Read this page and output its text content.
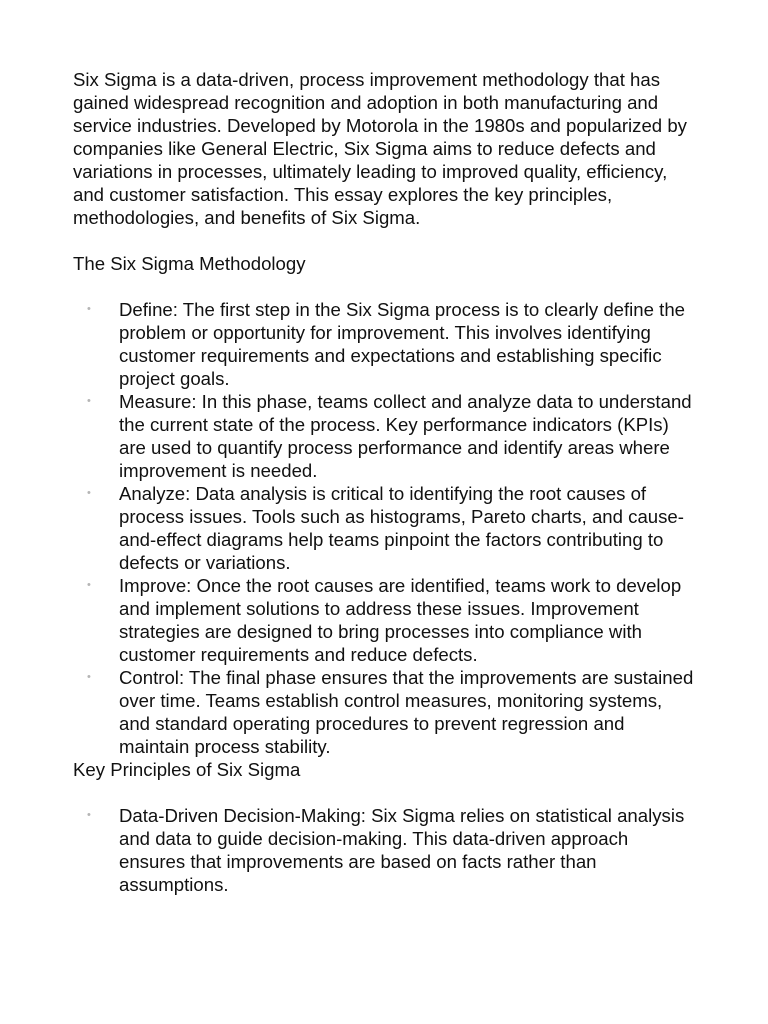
Six Sigma is a data-driven, process improvement methodology that has gained widespread recognition and adoption in both manufacturing and service industries. Developed by Motorola in the 1980s and popularized by companies like General Electric, Six Sigma aims to reduce defects and variations in processes, ultimately leading to improved quality, efficiency, and customer satisfaction. This essay explores the key principles, methodologies, and benefits of Six Sigma.

The Six Sigma Methodology
• Define: The first step in the Six Sigma process is to clearly define the problem or opportunity for improvement. This involves identifying customer requirements and expectations and establishing specific project goals.
• Measure: In this phase, teams collect and analyze data to understand the current state of the process. Key performance indicators (KPIs) are used to quantify process performance and identify areas where improvement is needed.
• Analyze: Data analysis is critical to identifying the root causes of process issues. Tools such as histograms, Pareto charts, and cause-and-effect diagrams help teams pinpoint the factors contributing to defects or variations.
• Improve: Once the root causes are identified, teams work to develop and implement solutions to address these issues. Improvement strategies are designed to bring processes into compliance with customer requirements and reduce defects.
• Control: The final phase ensures that the improvements are sustained over time. Teams establish control measures, monitoring systems, and standard operating procedures to prevent regression and maintain process stability.
Key Principles of Six Sigma
• Data-Driven Decision-Making: Six Sigma relies on statistical analysis and data to guide decision-making. This data-driven approach ensures that improvements are based on facts rather than assumptions.
